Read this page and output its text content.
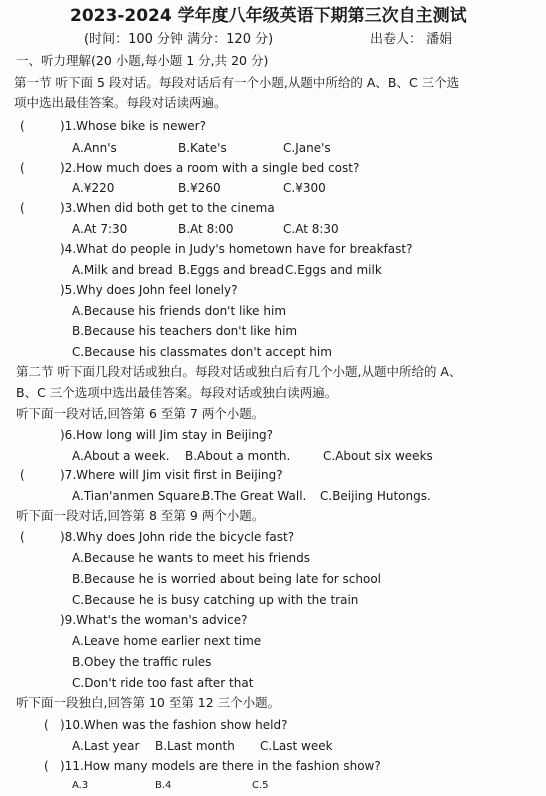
2023-2024 学年度八年级英语下期第三次自主测试
(时间：100 分钟 满分：120 分)	出卷人： 潘娟
一、听力理解(20 小题,每小题 1 分,共 20 分)
第一节 听下面 5 段对话。每段对话后有一个小题,从题中所给的 A、B、C 三个选
项中选出最佳答案。每段对话读两遍。
(	)1.Whose bike is newer?
A.Ann's	B.Kate's	C.Jane's
(	)2.How much does a room with a single bed cost?
A.¥220	B.¥260	C.¥300
(	)3.When did both get to the cinema
A.At 7:30	B.At 8:00	C.At 8:30
)4.What do people in Judy's hometown have for breakfast?
A.Milk and bread B.Eggs and bread C.Eggs and milk
)5.Why does John feel lonely?
A.Because his friends don't like him
B.Because his teachers don't like him
C.Because his classmates don't accept him
第二节 听下面几段对话或独白。每段对话或独白后有几个小题,从题中所给的 A、
B、C 三个选项中选出最佳答案。每段对话或独白读两遍。
听下面一段对话,回答第 6 至第 7 两个小题。
)6.How long will Jim stay in Beijing?
A.About a week. B.About a month.	C.About six weeks
(	)7.Where will Jim visit first in Beijing?
A.Tian'anmen Square.
B.The Great Wall. C.Beijing Hutongs.
听下面一段对话,回答第 8 至第 9 两个小题。
(	)8.Why does John ride the bicycle fast?
A.Because he wants to meet his friends
B.Because he is worried about being late for school
C.Because he is busy catching up with the train
)9.What's the woman's advice?
A.Leave home earlier next time
B.Obey the traffic rules
C.Don't ride too fast after that
听下面一段独白,回答第 10 至第 12 三个小题。
( )10.When was the fashion show held?
A.Last year B.Last month C.Last week
( )11.How many models are there in the fashion show?
A.3	B.4	C.5
